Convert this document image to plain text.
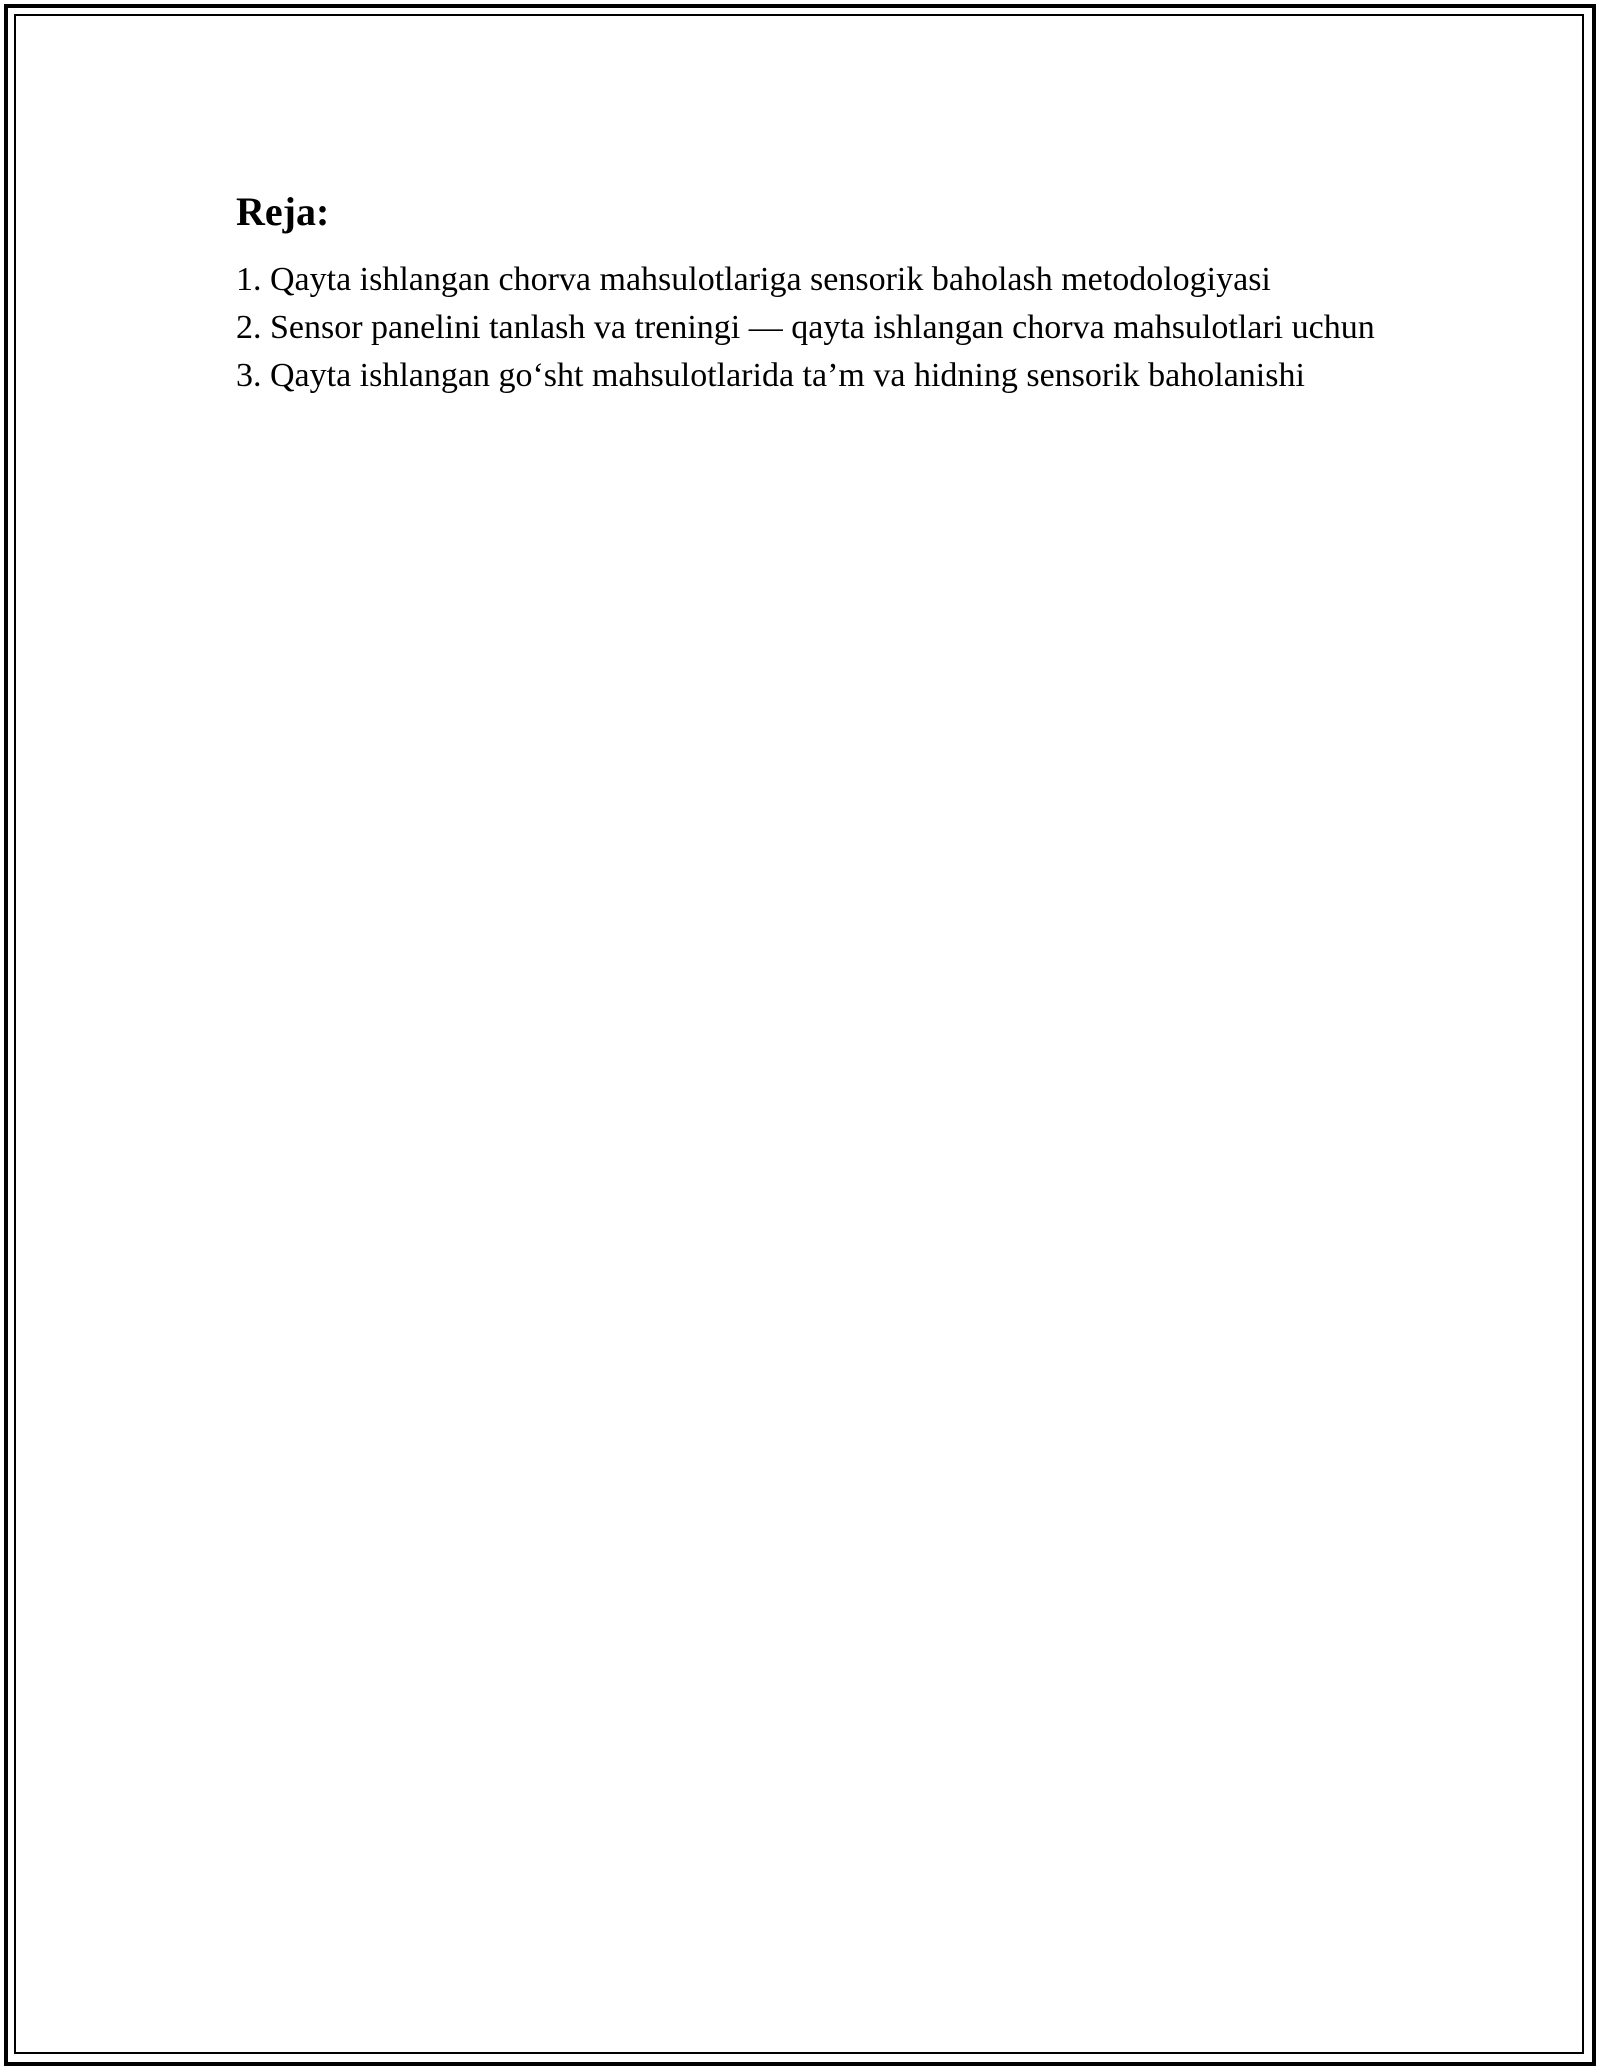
Reja:
1. Qayta ishlangan chorva mahsulotlariga sensorik baholash metodologiyasi
2. Sensor panelini tanlash va treningi — qayta ishlangan chorva mahsulotlari uchun
3. Qayta ishlangan go‘sht mahsulotlarida ta’m va hidning sensorik baholanishi
